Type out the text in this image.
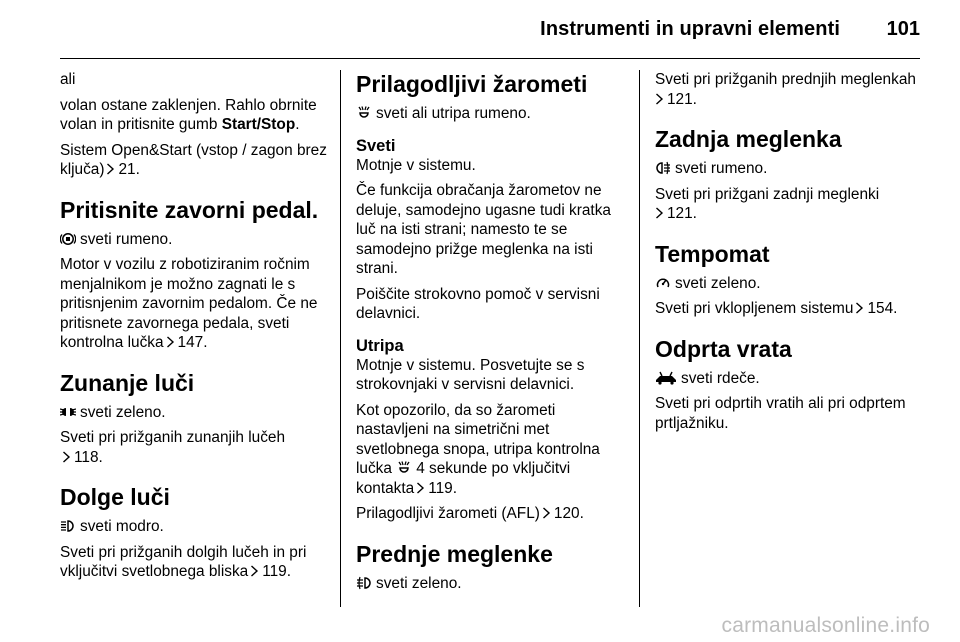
Instrumenti in upravni elementi 101

ali

volan ostane zaklenjen. Rahlo obrnite volan in pritisnite gumb Start/Stop.

Sistem Open&Start (vstop / zagon brez ključa) 21.

Pritisnite zavorni pedal.

sveti rumeno.

Motor v vozilu z robotiziranim ročnim menjalnikom je možno zagnati le s pritisnjenim zavornim pedalom. Če ne pritisnete zavornega pedala, sveti kontrolna lučka 147.

Zunanje luči

sveti zeleno.

Sveti pri prižganih zunanjih lučeh

118.

Dolge luči

sveti modro.

Sveti pri prižganih dolgih lučeh in pri vključitvi svetlobnega bliska 119.

Prilagodljivi žarometi

sveti ali utripa rumeno.

Sveti

Motnje v sistemu.

Če funkcija obračanja žarometov ne deluje, samodejno ugasne tudi kratka luč na isti strani; namesto te se samodejno prižge meglenka na isti strani.

Poiščite strokovno pomoč v servisni delavnici.

Utripa

Motnje v sistemu. Posvetujte se s strokovnjaki v servisni delavnici.

Kot opozorilo, da so žarometi nastavljeni na simetrični met svetlobnega snopa, utripa kontrolna lučka 4 sekunde po vključitvi kontakta 119.

Prilagodljivi žarometi (AFL) 120.

Prednje meglenke

sveti zeleno.

Sveti pri prižganih prednjih meglenkah

121.

Zadnja meglenka

sveti rumeno.

Sveti pri prižgani zadnji meglenki

121.

Tempomat

sveti zeleno.

Sveti pri vklopljenem sistemu 154.

Odprta vrata

sveti rdeče.

Sveti pri odprtih vratih ali pri odprtem prtljažniku.

carmanualsonline.info
